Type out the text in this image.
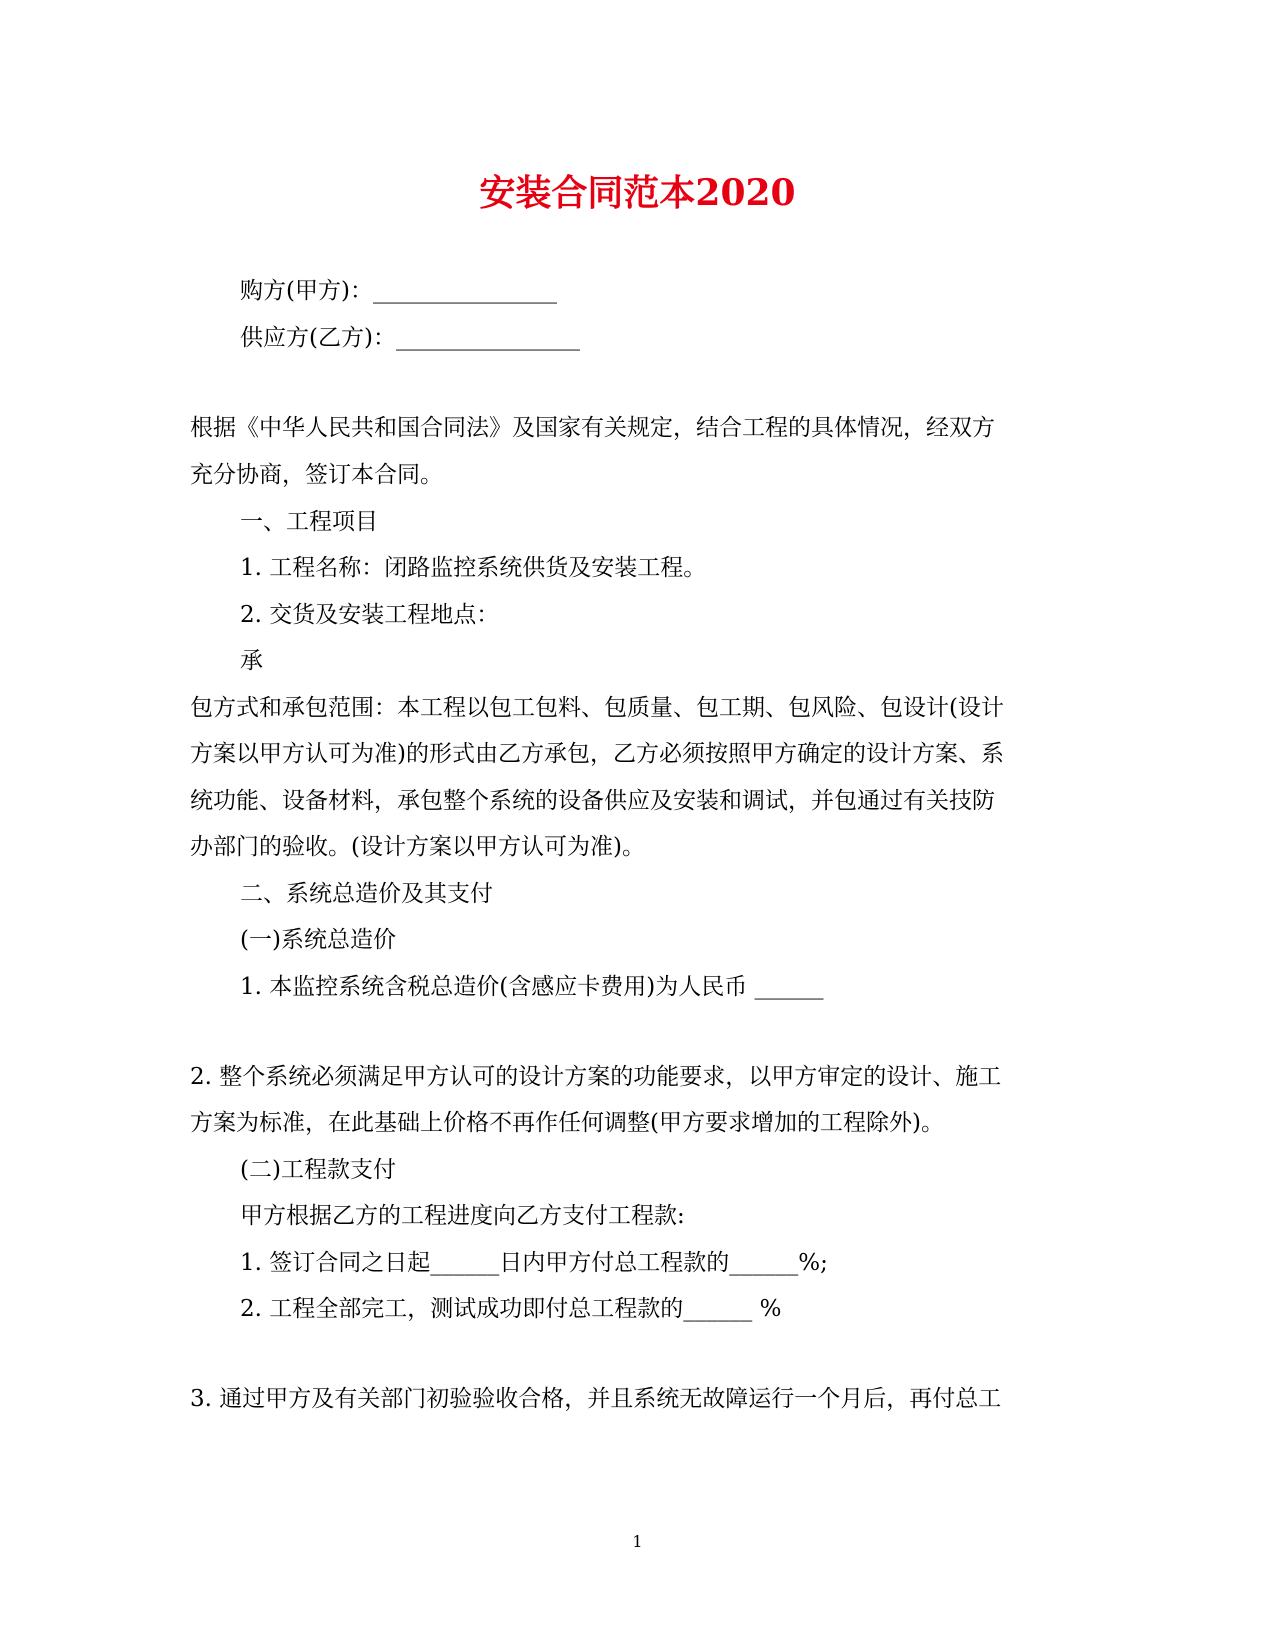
安装合同范本2020
购方(甲方)：________________
供应方(乙方)：________________
根据《中华人民共和国合同法》及国家有关规定，结合工程的具体情况，经双方
充分协商，签订本合同。
一、工程项目
1. 工程名称：闭路监控系统供货及安装工程。
2. 交货及安装工程地点：
承
包方式和承包范围：本工程以包工包料、包质量、包工期、包风险、包设计(设计
方案以甲方认可为准)的形式由乙方承包，乙方必须按照甲方确定的设计方案、系
统功能、设备材料，承包整个系统的设备供应及安装和调试，并包通过有关技防
办部门的验收。(设计方案以甲方认可为准)。
二、系统总造价及其支付
(一)系统总造价
1. 本监控系统含税总造价(含感应卡费用)为人民币 ______
2. 整个系统必须满足甲方认可的设计方案的功能要求，以甲方审定的设计、施工
方案为标准，在此基础上价格不再作任何调整(甲方要求增加的工程除外)。
(二)工程款支付
甲方根据乙方的工程进度向乙方支付工程款:
1. 签订合同之日起______日内甲方付总工程款的______%;
2. 工程全部完工，测试成功即付总工程款的______ %
3. 通过甲方及有关部门初验验收合格，并且系统无故障运行一个月后，再付总工
1
